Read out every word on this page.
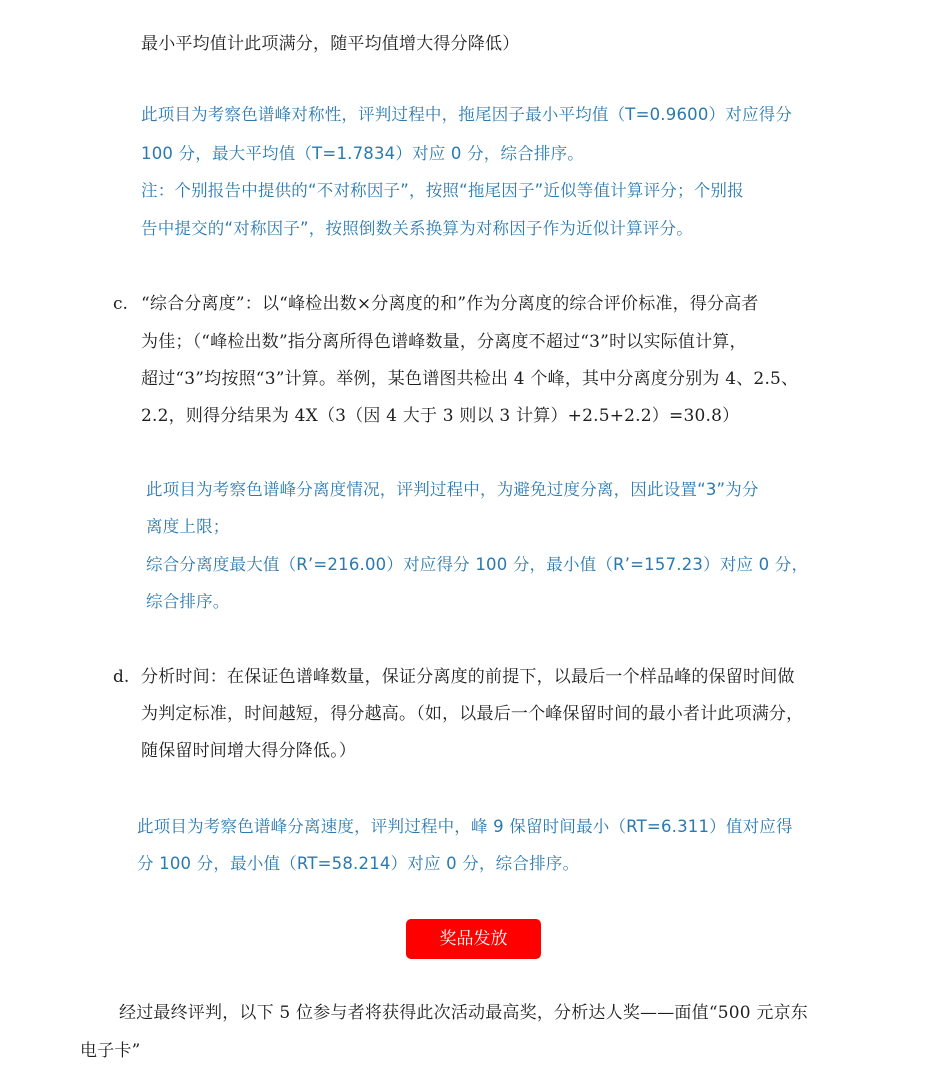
最小平均值计此项满分，随平均值增大得分降低）
此项目为考察色谱峰对称性，评判过程中，拖尾因子最小平均值（T=0.9600）对应得分
100 分，最大平均值（T=1.7834）对应 0 分，综合排序。
注：个别报告中提供的“不对称因子”，按照“拖尾因子”近似等值计算评分；个别报
告中提交的“对称因子”，按照倒数关系换算为对称因子作为近似计算评分。
c. “综合分离度”：以“峰检出数×分离度的和”作为分离度的综合评价标准，得分高者
为佳；（“峰检出数”指分离所得色谱峰数量，分离度不超过“3”时以实际值计算，
超过“3”均按照“3”计算。举例，某色谱图共检出 4 个峰，其中分离度分别为 4、2.5、
2.2，则得分结果为 4X（3（因 4 大于 3 则以 3 计算）+2.5+2.2）=30.8）
此项目为考察色谱峰分离度情况，评判过程中，为避免过度分离，因此设置“3”为分
离度上限；
综合分离度最大值（R’=216.00）对应得分 100 分，最小值（R’=157.23）对应 0 分，
综合排序。
d. 分析时间：在保证色谱峰数量，保证分离度的前提下，以最后一个样品峰的保留时间做
为判定标准，时间越短，得分越高。（如，以最后一个峰保留时间的最小者计此项满分，
随保留时间增大得分降低。）
此项目为考察色谱峰分离速度，评判过程中，峰 9 保留时间最小（RT=6.311）值对应得
分 100 分，最小值（RT=58.214）对应 0 分，综合排序。
奖品发放
经过最终评判，以下 5 位参与者将获得此次活动最高奖，分析达人奖——面值“500 元京东
电子卡”
